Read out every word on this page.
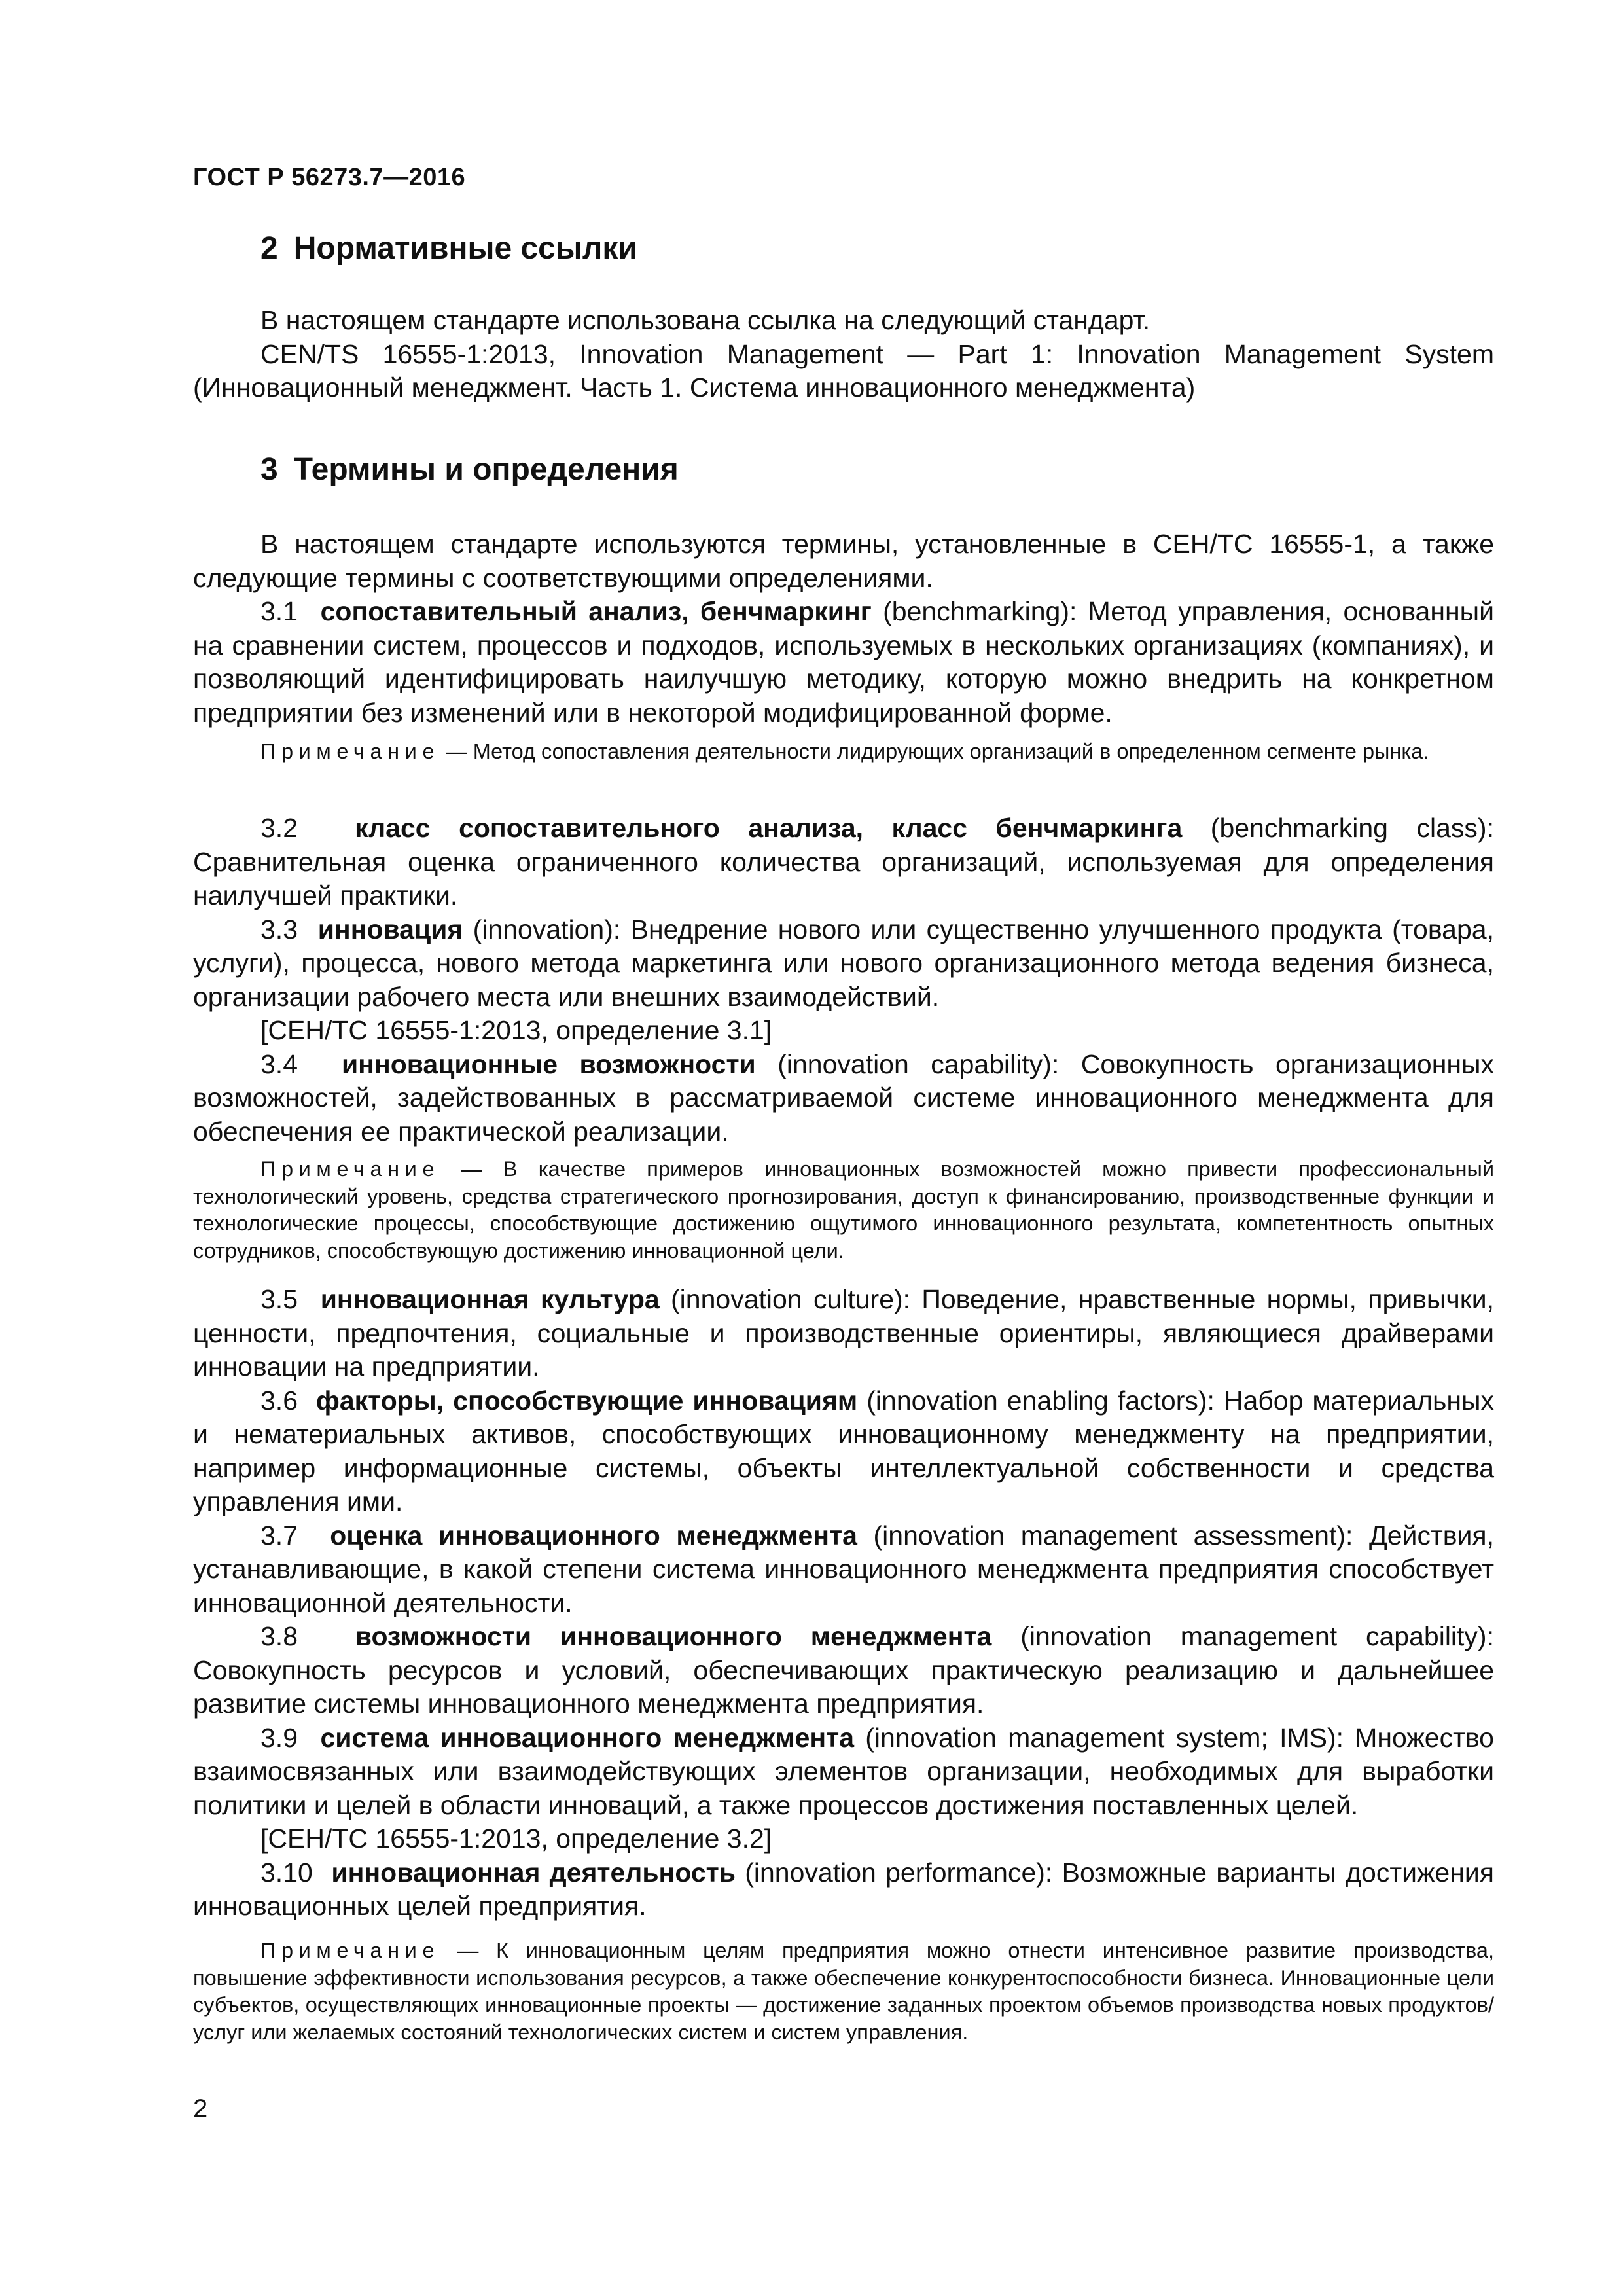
ГОСТ Р 56273.7—2016
2 Нормативные ссылки

В настоящем стандарте использована ссылка на следующий стандарт.

CEN/TS 16555-1:2013, Innovation Management — Part 1: Innovation Management System (Инновационный менеджмент. Часть 1. Система инновационного менеджмента)

3 Термины и определения

В настоящем стандарте используются термины, установленные в СЕН/ТС 16555-1, а также следующие термины с соответствующими определениями.

3.1 сопоставительный анализ, бенчмаркинг (benchmarking): Метод управления, основанный на сравнении систем, процессов и подходов, используемых в нескольких организациях (компаниях), и позволяющий идентифицировать наилучшую методику, которую можно внедрить на конкретном предприятии без изменений или в некоторой модифицированной форме.

Примечание — Метод сопоставления деятельности лидирующих организаций в определенном сегменте рынка.

3.2 класс сопоставительного анализа, класс бенчмаркинга (benchmarking class): Сравнительная оценка ограниченного количества организаций, используемая для определения наилучшей практики.

3.3 инновация (innovation): Внедрение нового или существенно улучшенного продукта (товара, услуги), процесса, нового метода маркетинга или нового организационного метода ведения бизнеса, организации рабочего места или внешних взаимодействий.

[СЕН/ТС 16555-1:2013, определение 3.1]

3.4 инновационные возможности (innovation capability): Совокупность организационных возможностей, задействованных в рассматриваемой системе инновационного менеджмента для обеспечения ее практической реализации.

Примечание — В качестве примеров инновационных возможностей можно привести профессиональный технологический уровень, средства стратегического прогнозирования, доступ к финансированию, производственные функции и технологические процессы, способствующие достижению ощутимого инновационного результата, компетентность опытных сотрудников, способствующую достижению инновационной цели.

3.5 инновационная культура (innovation culture): Поведение, нравственные нормы, привычки, ценности, предпочтения, социальные и производственные ориентиры, являющиеся драйверами инновации на предприятии.

3.6 факторы, способствующие инновациям (innovation enabling factors): Набор материальных и нематериальных активов, способствующих инновационному менеджменту на предприятии, например информационные системы, объекты интеллектуальной собственности и средства управления ими.

3.7 оценка инновационного менеджмента (innovation management assessment): Действия, устанавливающие, в какой степени система инновационного менеджмента предприятия способствует инновационной деятельности.

3.8 возможности инновационного менеджмента (innovation management capability): Совокупность ресурсов и условий, обеспечивающих практическую реализацию и дальнейшее развитие системы инновационного менеджмента предприятия.

3.9 система инновационного менеджмента (innovation management system; IMS): Множество взаимосвязанных или взаимодействующих элементов организации, необходимых для выработки политики и целей в области инноваций, а также процессов достижения поставленных целей.

[СЕН/ТС 16555-1:2013, определение 3.2]

3.10 инновационная деятельность (innovation performance): Возможные варианты достижения инновационных целей предприятия.

Примечание — К инновационным целям предприятия можно отнести интенсивное развитие производства, повышение эффективности использования ресурсов, а также обеспечение конкурентоспособности бизнеса. Инновационные цели субъектов, осуществляющих инновационные проекты — достижение заданных проектом объемов производства новых продуктов/услуг или желаемых состояний технологических систем и систем управления.

2
